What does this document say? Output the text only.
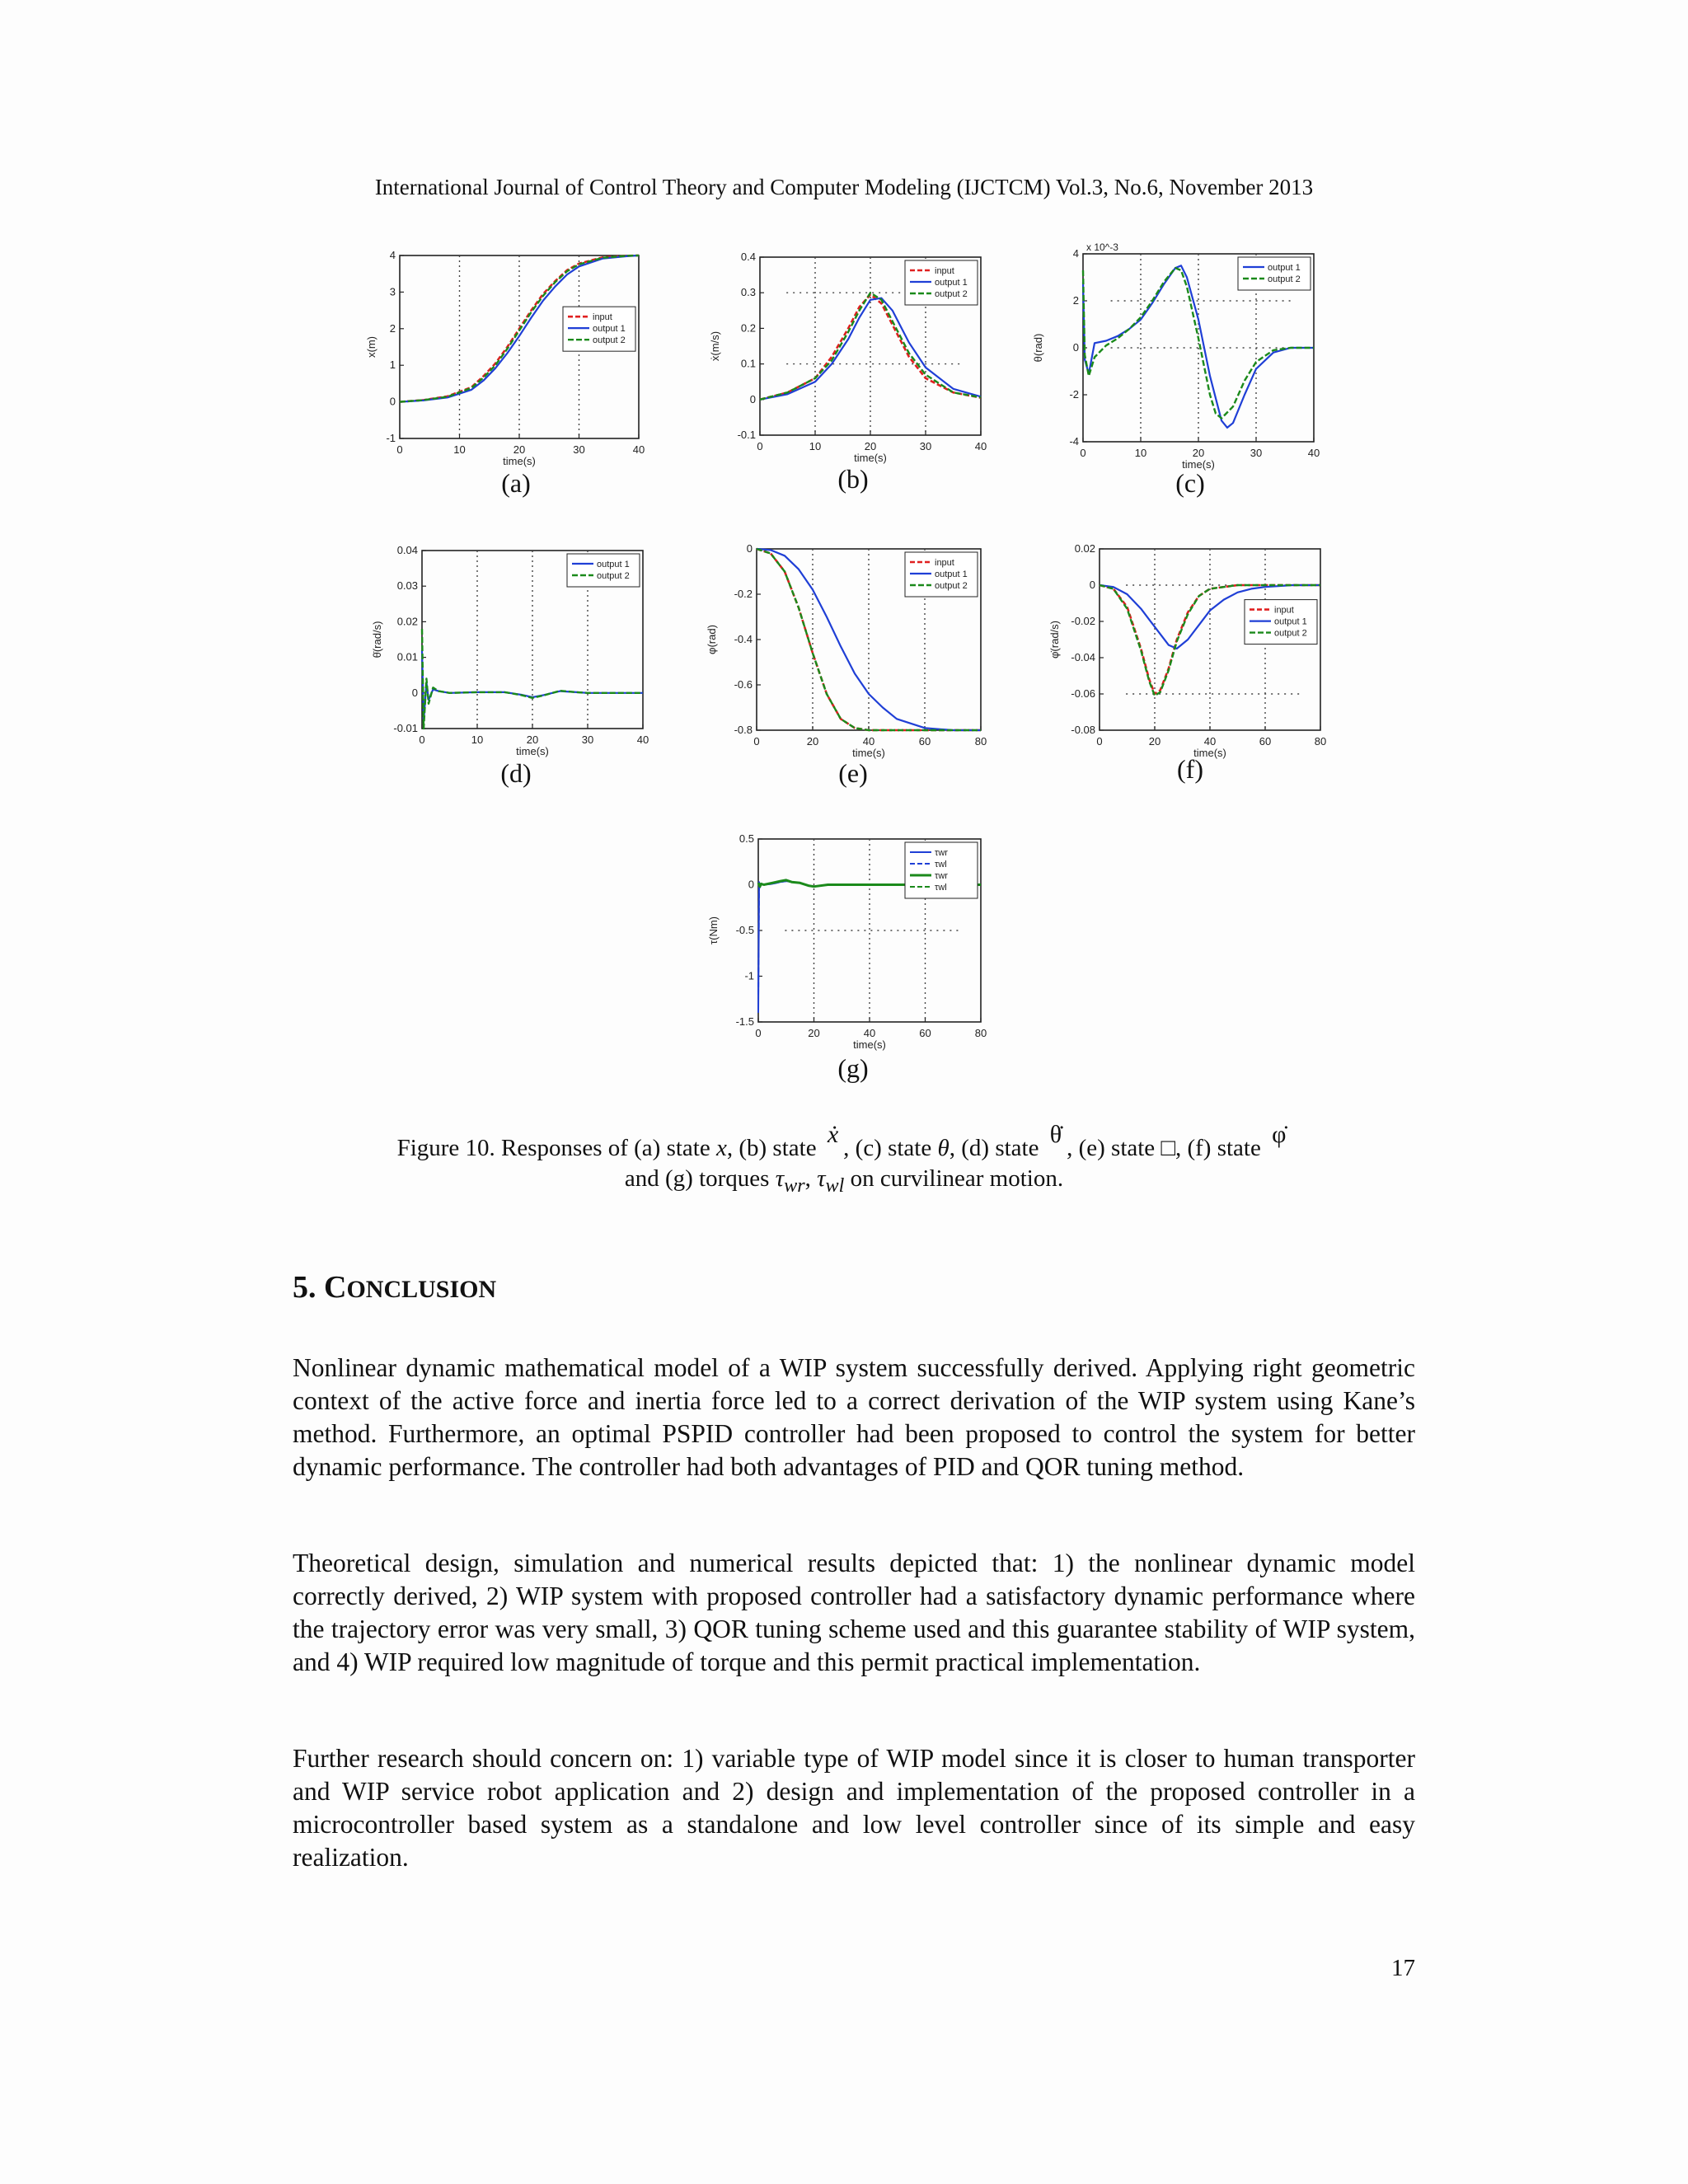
International Journal of Control Theory and Computer Modeling (IJCTCM) Vol.3, No.6, November 2013
0	10	20	30	40
-1
0
1
2
3
4
time(s)
x(m)
input
output 1
output 2
0	10	20	30	40
-0.1
0
0.1
0.2
0.3
0.4
time(s)
ẋ(m/s)
input
output 1
output 2
0	10	20	30	40
-4
-2
0
2
4 x 10^-3
time(s)
θ(rad)
output 1
output 2
(a)	(b)	(c)
0	10	20	30	40
-0.01
0
0.01
0.02
0.03
0.04
time(s)
θ̇(rad/s)
output 1
output 2
0	20	40	60	80
-0.8
-0.6
-0.4
-0.2
0
time(s)
φ(rad)
input
output 1
output 2
0	20	40	60	80
-0.08
-0.06
-0.04
-0.02
0
0.02
time(s)
φ̇(rad/s)
input
output 1
output 2
(d)	(e)	(f)
0	20	40	60	80
-1.5
-1
-0.5
0
0.5
time(s)
τ(Nm)
τwr
τwl
τwr
τwl
(g)
Figure 10. Responses of (a) state x, (b) state ẋ , (c) state θ, (d) state θ̇ , (e) state □, (f) state φ̇
and (g) torques $\tau_{wr}$, $\tau_{wl}$ on curvilinear motion.
5. CONCLUSION
Nonlinear dynamic mathematical model of a WIP system successfully derived. Applying right geometric context of the active force and inertia force led to a correct derivation of the WIP system using Kane’s method. Furthermore, an optimal PSPID controller had been proposed to control the system for better dynamic performance. The controller had both advantages of PID and QOR tuning method.
Theoretical design, simulation and numerical results depicted that: 1) the nonlinear dynamic model correctly derived, 2) WIP system with proposed controller had a satisfactory dynamic performance where the trajectory error was very small, 3) QOR tuning scheme used and this guarantee stability of WIP system, and 4) WIP required low magnitude of torque and this permit practical implementation.
Further research should concern on: 1) variable type of WIP model since it is closer to human transporter and WIP service robot application and 2) design and implementation of the proposed controller in a microcontroller based system as a standalone and low level controller since of its simple and easy realization.
17
